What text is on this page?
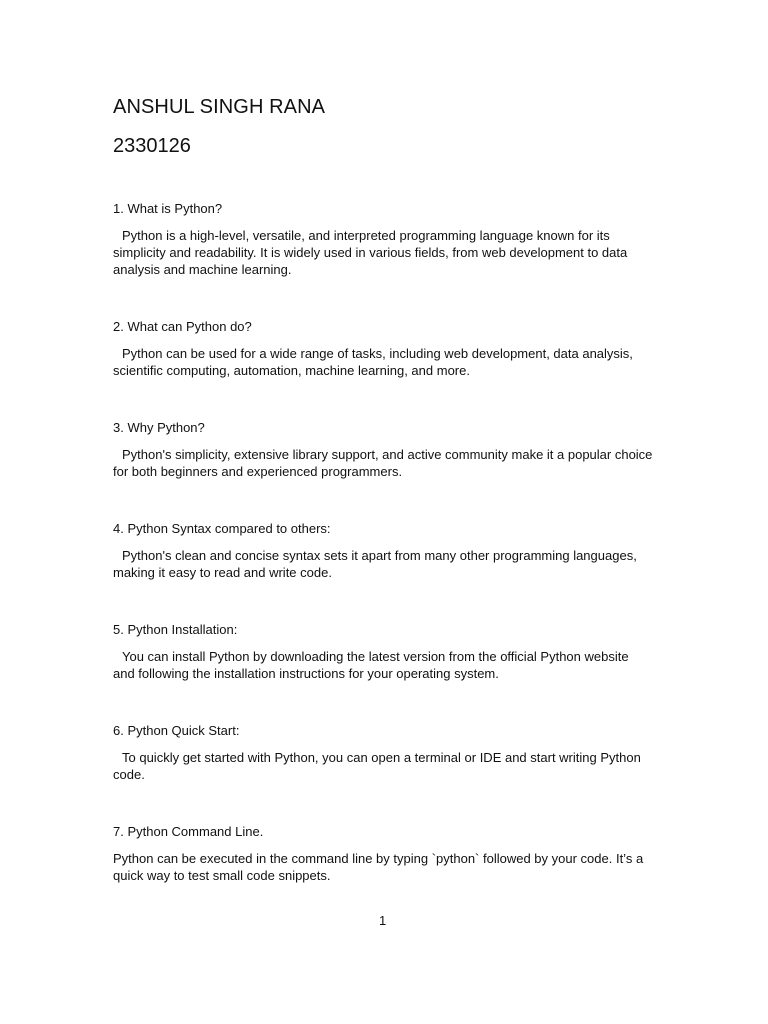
ANSHUL SINGH RANA
2330126

1. What is Python?

Python is a high-level, versatile, and interpreted programming language known for its simplicity and readability. It is widely used in various fields, from web development to data analysis and machine learning.

2. What can Python do?

Python can be used for a wide range of tasks, including web development, data analysis, scientific computing, automation, machine learning, and more.

3. Why Python?

Python's simplicity, extensive library support, and active community make it a popular choice for both beginners and experienced programmers.

4. Python Syntax compared to others:

Python's clean and concise syntax sets it apart from many other programming languages, making it easy to read and write code.

5. Python Installation:

You can install Python by downloading the latest version from the official Python website and following the installation instructions for your operating system.

6. Python Quick Start:

To quickly get started with Python, you can open a terminal or IDE and start writing Python code.

7. Python Command Line.

Python can be executed in the command line by typing `python` followed by your code. It’s a quick way to test small code snippets.

1
